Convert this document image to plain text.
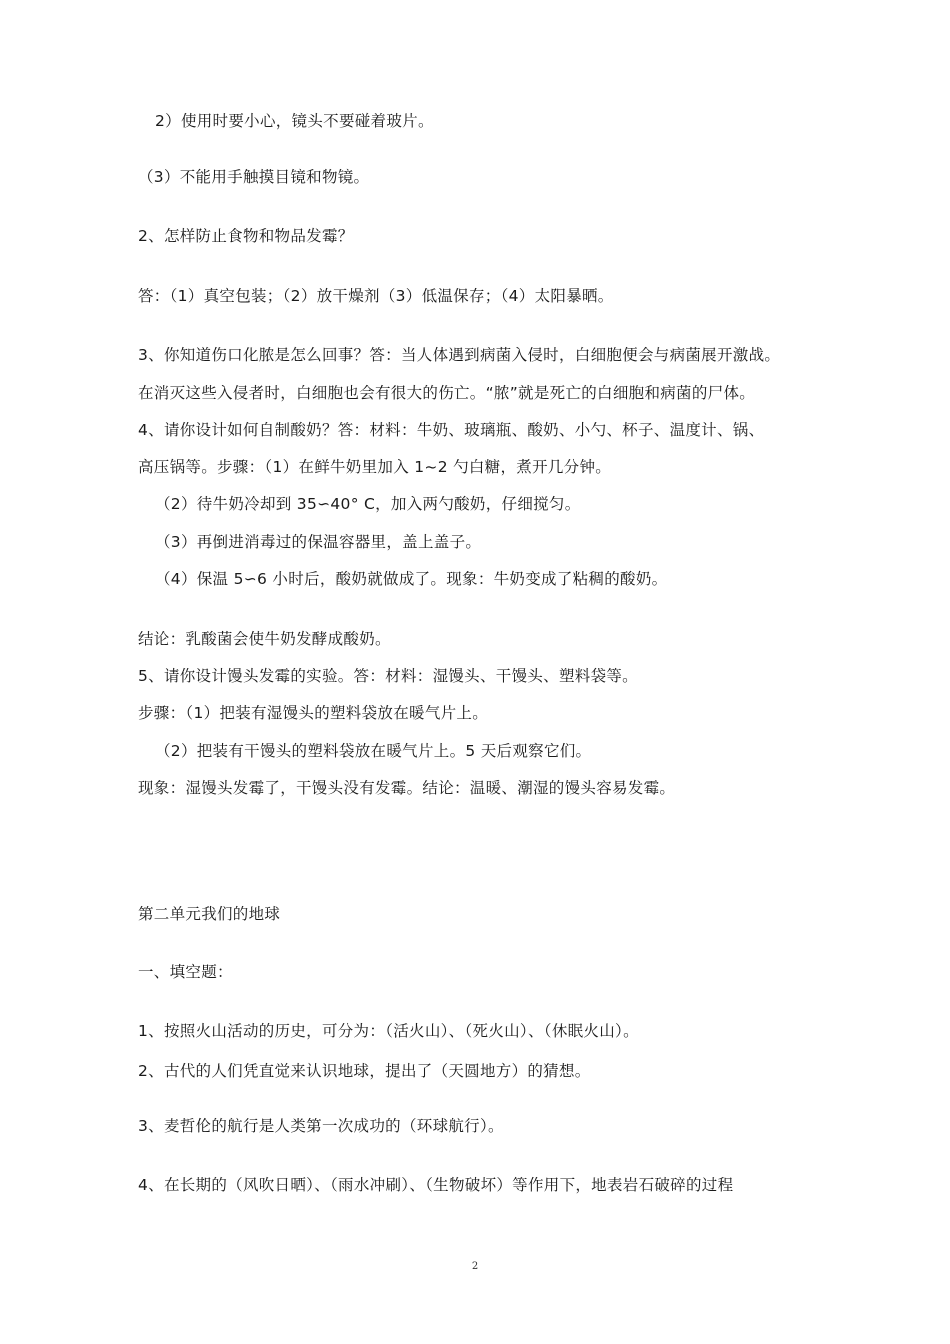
2）使用时要小心，镜头不要碰着玻片。
（3）不能用手触摸目镜和物镜。
2、怎样防止食物和物品发霉？
答：（1）真空包装；（2）放干燥剂（3）低温保存；（4）太阳暴晒。
3、你知道伤口化脓是怎么回事？答：当人体遇到病菌入侵时，白细胞便会与病菌展开激战。
在消灭这些入侵者时，白细胞也会有很大的伤亡。“脓”就是死亡的白细胞和病菌的尸体。
4、请你设计如何自制酸奶？答：材料：牛奶、玻璃瓶、酸奶、小勺、杯子、温度计、锅、
高压锅等。步骤：（1）在鲜牛奶里加入 1~2 勺白糖，煮开几分钟。
（2）待牛奶冷却到 35∽40° C，加入两勺酸奶，仔细搅匀。
（3）再倒进消毒过的保温容器里，盖上盖子。
（4）保温 5∽6 小时后，酸奶就做成了。现象：牛奶变成了粘稠的酸奶。
结论：乳酸菌会使牛奶发酵成酸奶。
5、请你设计馒头发霉的实验。答：材料：湿馒头、干馒头、塑料袋等。
步骤：（1）把装有湿馒头的塑料袋放在暖气片上。
（2）把装有干馒头的塑料袋放在暖气片上。5 天后观察它们。
现象：湿馒头发霉了，干馒头没有发霉。结论：温暖、潮湿的馒头容易发霉。
第二单元我们的地球
一、填空题：
1、按照火山活动的历史，可分为：（活火山）、（死火山）、（休眠火山）。
2、古代的人们凭直觉来认识地球，提出了（天圆地方）的猜想。
3、麦哲伦的航行是人类第一次成功的（环球航行）。
4、在长期的（风吹日晒）、（雨水冲刷）、（生物破坏）等作用下，地表岩石破碎的过程
2
